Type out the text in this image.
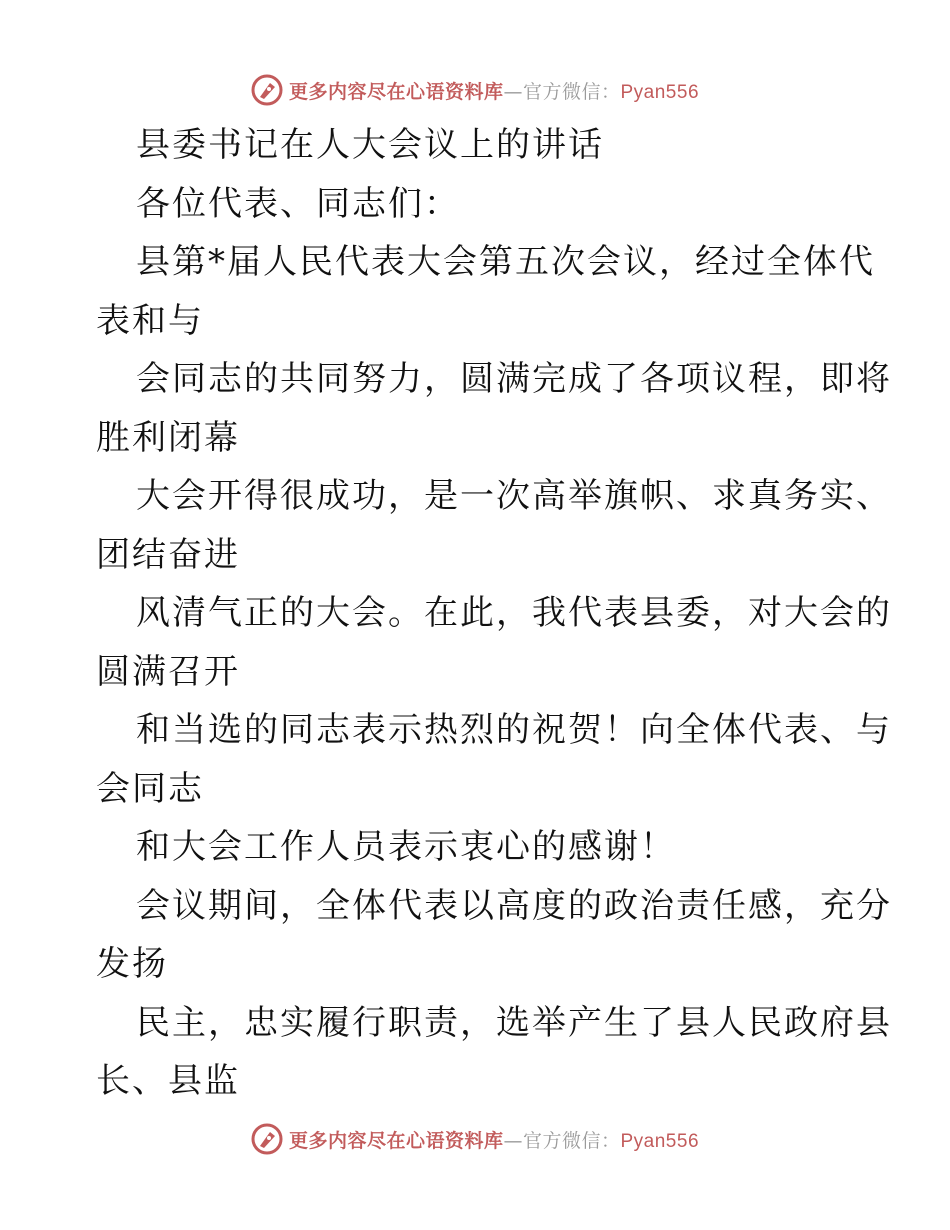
更多内容尽在心语资料库—官方微信：Pyan556
县委书记在人大会议上的讲话
各位代表、同志们：
县第*届人民代表大会第五次会议，经过全体代
表和与
会同志的共同努力，圆满完成了各项议程，即将
胜利闭幕
大会开得很成功，是一次高举旗帜、求真务实、
团结奋进
风清气正的大会。在此，我代表县委，对大会的
圆满召开
和当选的同志表示热烈的祝贺！向全体代表、与
会同志
和大会工作人员表示衷心的感谢！
会议期间，全体代表以高度的政治责任感，充分
发扬
民主，忠实履行职责，选举产生了县人民政府县
长、县监
更多内容尽在心语资料库—官方微信：Pyan556
